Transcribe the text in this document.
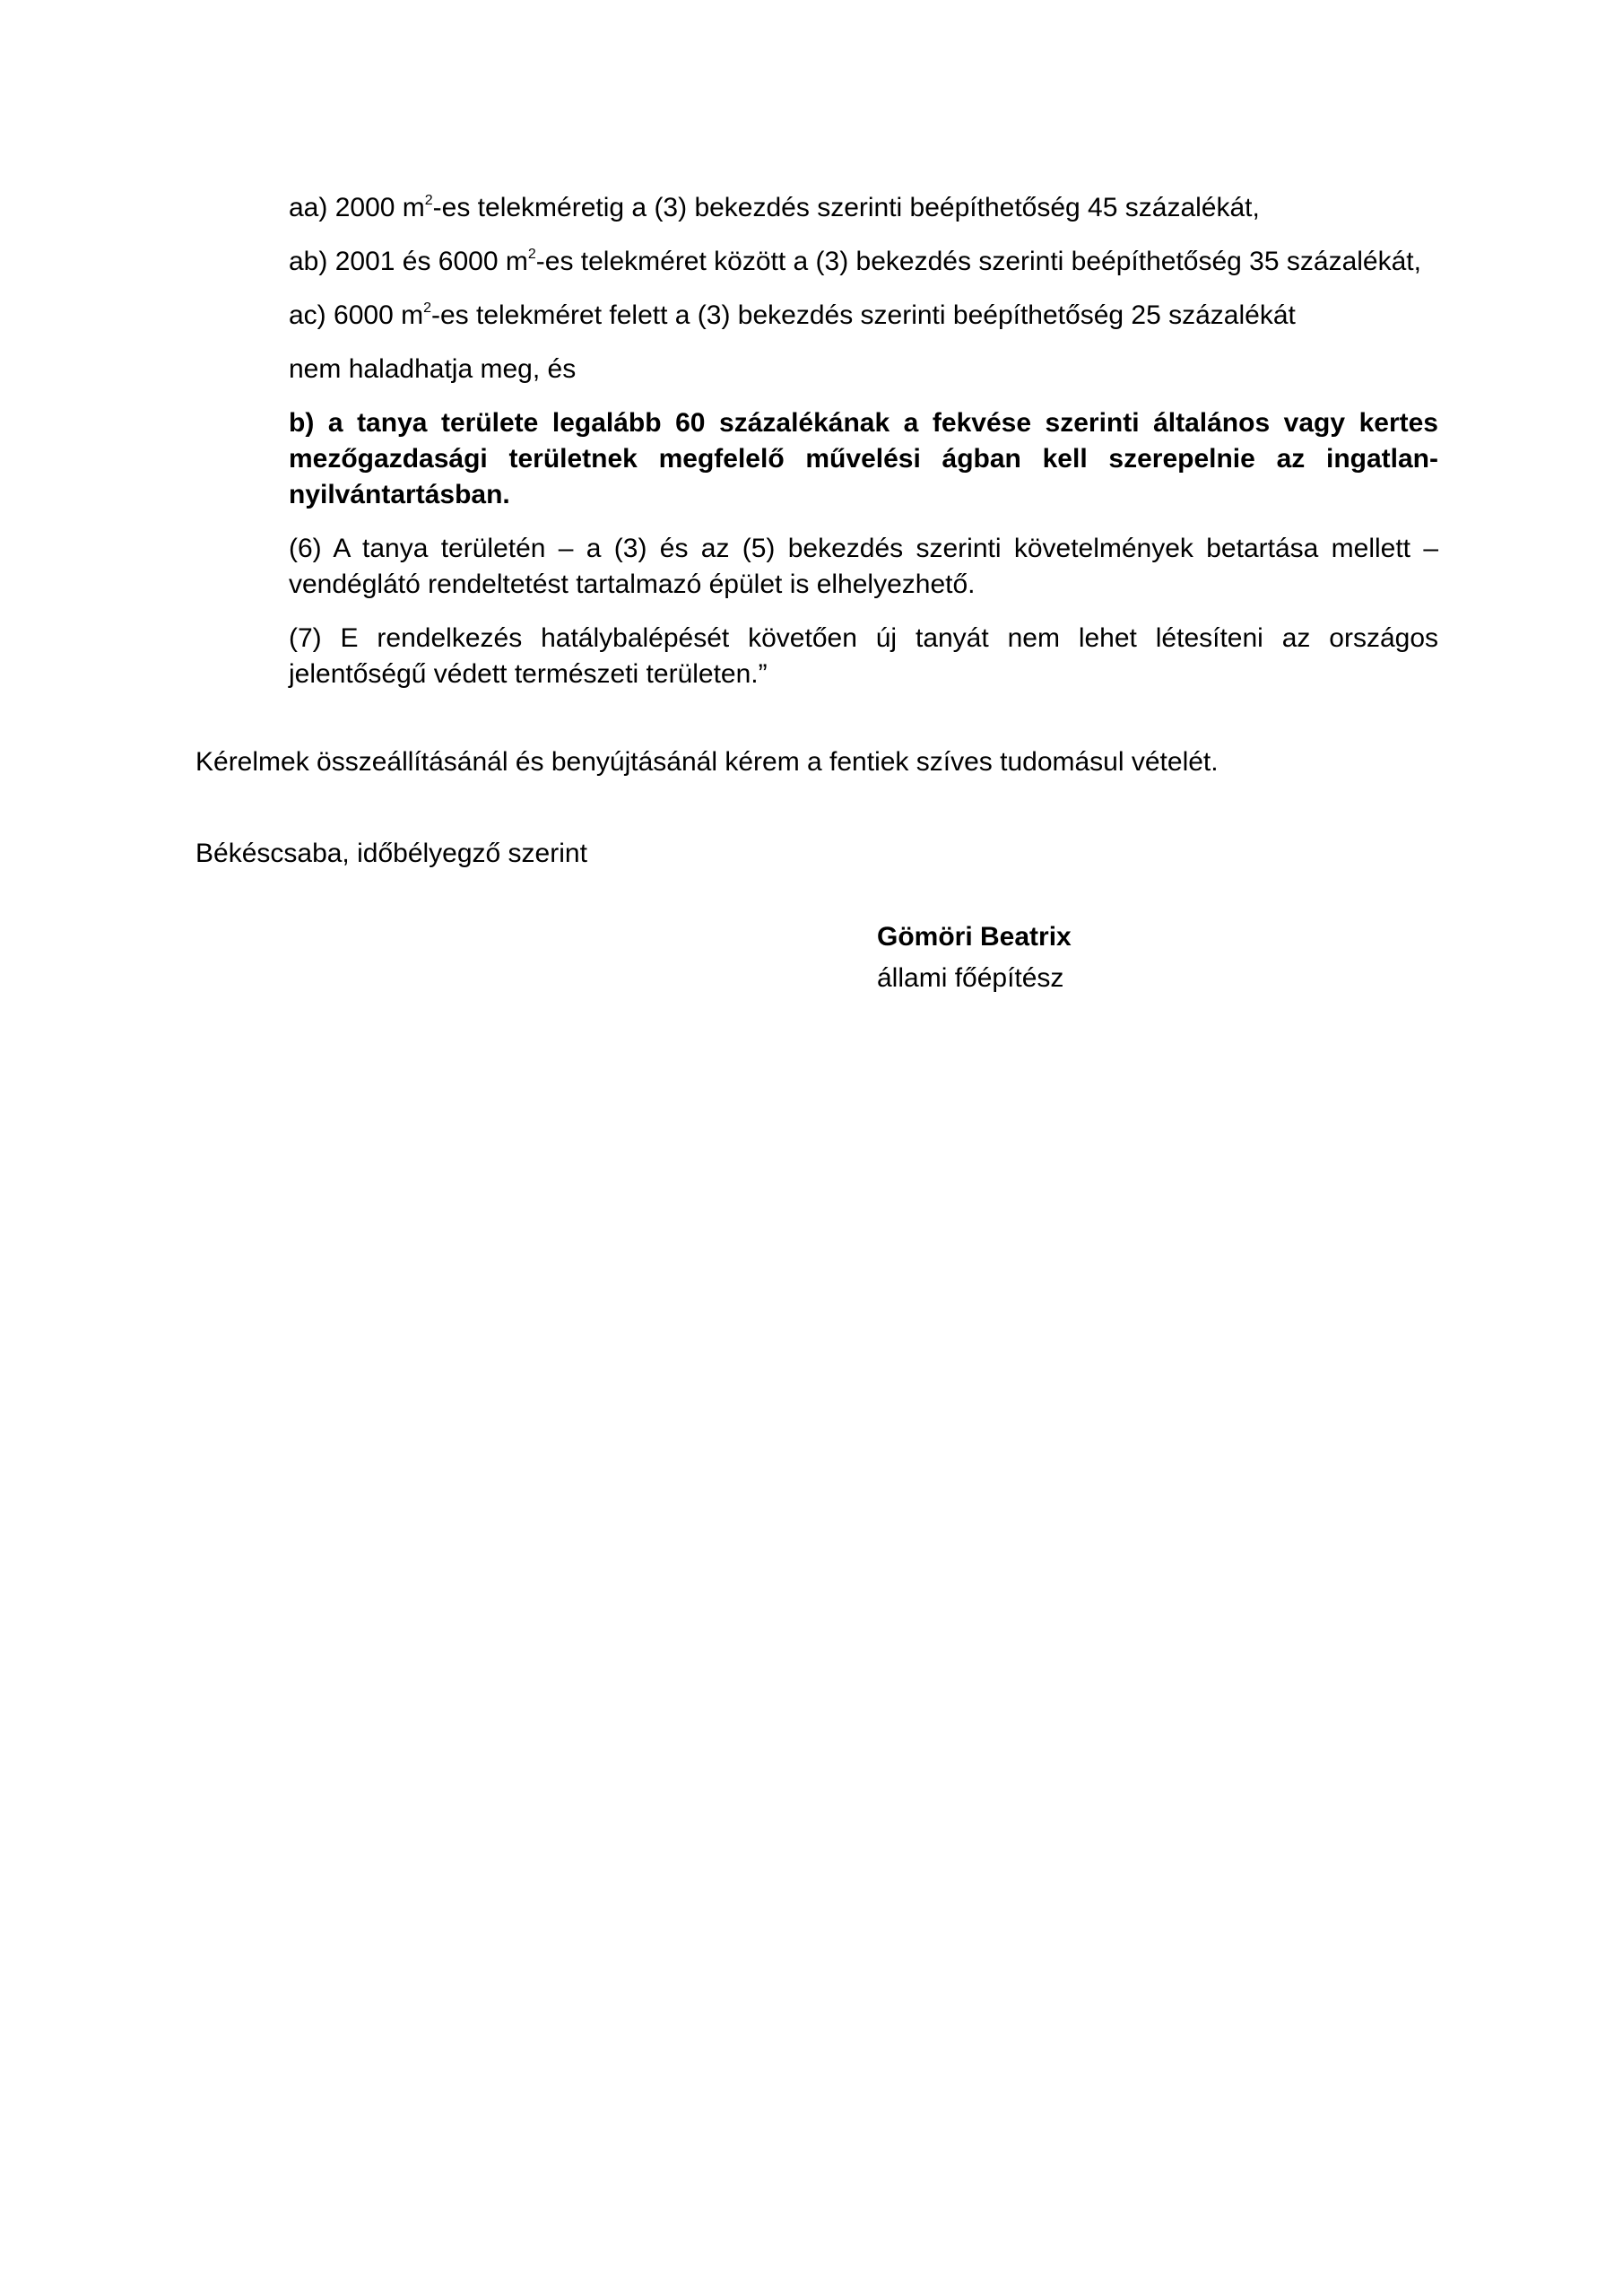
aa) 2000 $m^2-es$ telekméretig a (3) bekezdés szerinti beépíthetőség 45 százalékát,

ab) 2001 és 6000 $m^2-es$ telekméret között a (3) bekezdés szerinti beépíthetőség 35 százalékát,

ac) 6000 $m^2-es$ telekméret felett a (3) bekezdés szerinti beépíthetőség 25 százalékát

nem haladhatja meg, és

b) a tanya területe legalább 60 százalékának a fekvése szerinti általános vagy kertes mezőgazdasági területnek megfelelő művelési ágban kell szerepelnie az ingatlan-nyilvántartásban.

(6) A tanya területén – a (3) és az (5) bekezdés szerinti követelmények betartása mellett – vendéglátó rendeltetést tartalmazó épület is elhelyezhető.

(7) E rendelkezés hatálybalépését követően új tanyát nem lehet létesíteni az országos jelentőségű védett természeti területen.”

Kérelmek összeállításánál és benyújtásánál kérem a fentiek szíves tudomásul vételét.
Békéscsaba, időbélyegző szerint
Gömöri Beatrix
állami főépítész
